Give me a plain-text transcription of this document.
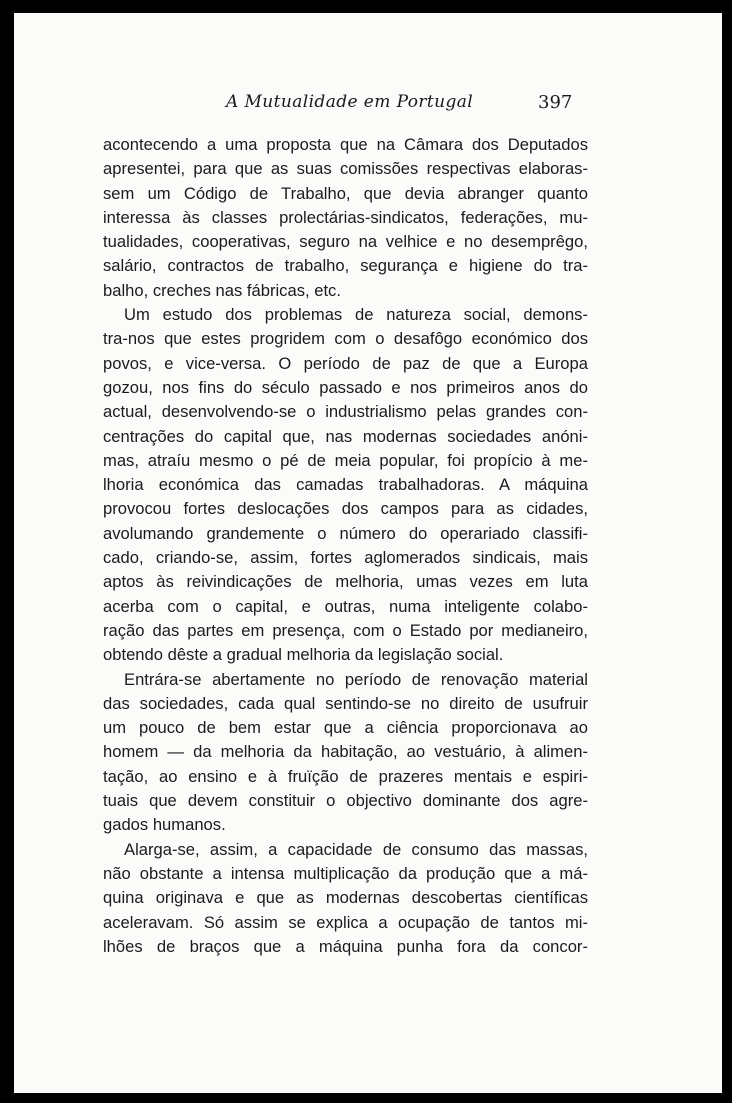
A Mutualidade em Portugal	397
acontecendo a uma proposta que na Câmara dos Deputados
apresentei, para que as suas comissões respectivas elaboras-
sem um Código de Trabalho, que devia abranger quanto
interessa às classes prolectárias-sindicatos, federações, mu-
tualidades, cooperativas, seguro na velhice e no desemprêgo,
salário, contractos de trabalho, segurança e higiene do tra-
balho, creches nas fábricas, etc.
Um estudo dos problemas de natureza social, demons-
tra-nos que estes progridem com o desafôgo económico dos
povos, e vice-versa. O período de paz de que a Europa
gozou, nos fins do século passado e nos primeiros anos do
actual, desenvolvendo-se o industrialismo pelas grandes con-
centrações do capital que, nas modernas sociedades anóni-
mas, atraíu mesmo o pé de meia popular, foi propício à me-
lhoria económica das camadas trabalhadoras. A máquina
provocou fortes deslocações dos campos para as cidades,
avolumando grandemente o número do operariado classifi-
cado, criando-se, assim, fortes aglomerados sindicais, mais
aptos às reivindicações de melhoria, umas vezes em luta
acerba com o capital, e outras, numa inteligente colabo-
ração das partes em presença, com o Estado por medianeiro,
obtendo dêste a gradual melhoria da legislação social.
Entrára-se abertamente no período de renovação material
das sociedades, cada qual sentindo-se no direito de usufruir
um pouco de bem estar que a ciência proporcionava ao
homem — da melhoria da habitação, ao vestuário, à alimen-
tação, ao ensino e à fruïção de prazeres mentais e espiri-
tuais que devem constituir o objectivo dominante dos agre-
gados humanos.
Alarga-se, assim, a capacidade de consumo das massas,
não obstante a intensa multiplicação da produção que a má-
quina originava e que as modernas descobertas científicas
aceleravam. Só assim se explica a ocupação de tantos mi-
lhões de braços que a máquina punha fora da concor-
